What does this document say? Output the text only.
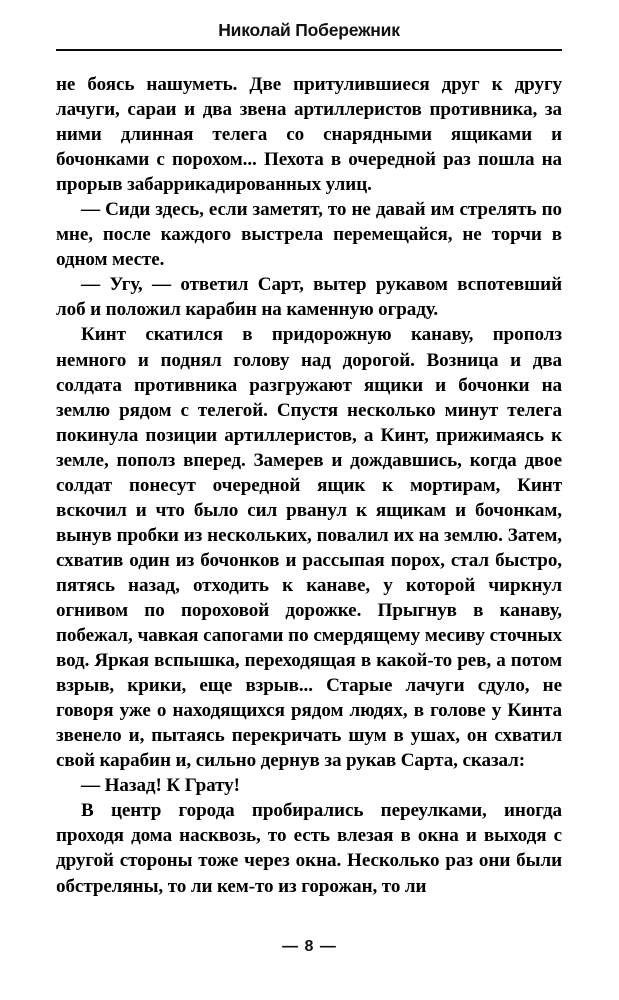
Николай Побережник

не боясь нашуметь. Две притулившиеся друг к другу лачуги, сараи и два звена артиллеристов противника, за ними длинная телега со снарядными ящиками и бочонками с порохом... Пехота в очередной раз пошла на прорыв забаррикадированных улиц.

— Сиди здесь, если заметят, то не давай им стрелять по мне, после каждого выстрела перемещайся, не торчи в одном месте.

— Угу, — ответил Сарт, вытер рукавом вспотевший лоб и положил карабин на каменную ограду.

Кинт скатился в придорожную канаву, прополз немного и поднял голову над дорогой. Возница и два солдата противника разгружают ящики и бочонки на землю рядом с телегой. Спустя несколько минут телега покинула позиции артиллеристов, а Кинт, прижимаясь к земле, пополз вперед. Замерев и дождавшись, когда двое солдат понесут очередной ящик к мортирам, Кинт вскочил и что было сил рванул к ящикам и бочонкам, вынув пробки из нескольких, повалил их на землю. Затем, схватив один из бочонков и рассыпая порох, стал быстро, пятясь назад, отходить к канаве, у которой чиркнул огнивом по пороховой дорожке. Прыгнув в канаву, побежал, чавкая сапогами по смердящему месиву сточных вод. Яркая вспышка, переходящая в какой-то рев, а потом взрыв, крики, еще взрыв... Старые лачуги сдуло, не говоря уже о находящихся рядом людях, в голове у Кинта звенело и, пытаясь перекричать шум в ушах, он схватил свой карабин и, сильно дернув за рукав Сарта, сказал:

— Назад! К Грату!

В центр города пробирались переулками, иногда проходя дома насквозь, то есть влезая в окна и выходя с другой стороны тоже через окна. Несколько раз они были обстреляны, то ли кем-то из горожан, то ли

— 8 —
